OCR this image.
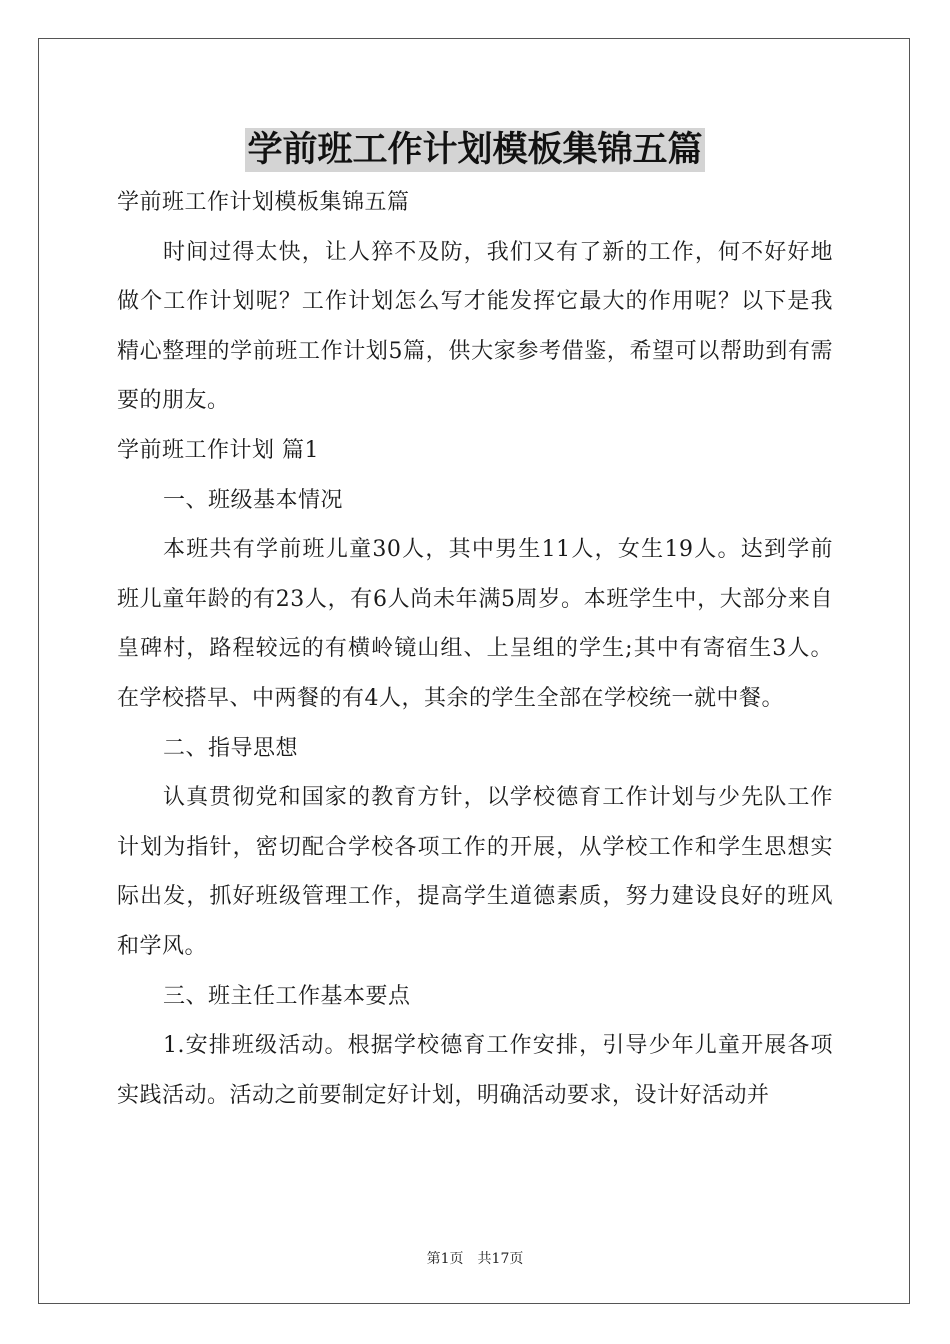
学前班工作计划模板集锦五篇

学前班工作计划模板集锦五篇

时间过得太快，让人猝不及防，我们又有了新的工作，何不好好地做个工作计划呢？工作计划怎么写才能发挥它最大的作用呢？以下是我精心整理的学前班工作计划5篇，供大家参考借鉴，希望可以帮助到有需要的朋友。

学前班工作计划 篇1

一、班级基本情况

本班共有学前班儿童30人，其中男生11人，女生19人。达到学前班儿童年龄的有23人，有6人尚未年满5周岁。本班学生中，大部分来自皇碑村，路程较远的有横岭镜山组、上呈组的学生;其中有寄宿生3人。在学校搭早、中两餐的有4人，其余的学生全部在学校统一就中餐。

二、指导思想

认真贯彻党和国家的教育方针，以学校德育工作计划与少先队工作计划为指针，密切配合学校各项工作的开展，从学校工作和学生思想实际出发，抓好班级管理工作，提高学生道德素质，努力建设良好的班风和学风。

三、班主任工作基本要点

1.安排班级活动。根据学校德育工作安排，引导少年儿童开展各项实践活动。活动之前要制定好计划，明确活动要求，设计好活动并

第1页　共17页
